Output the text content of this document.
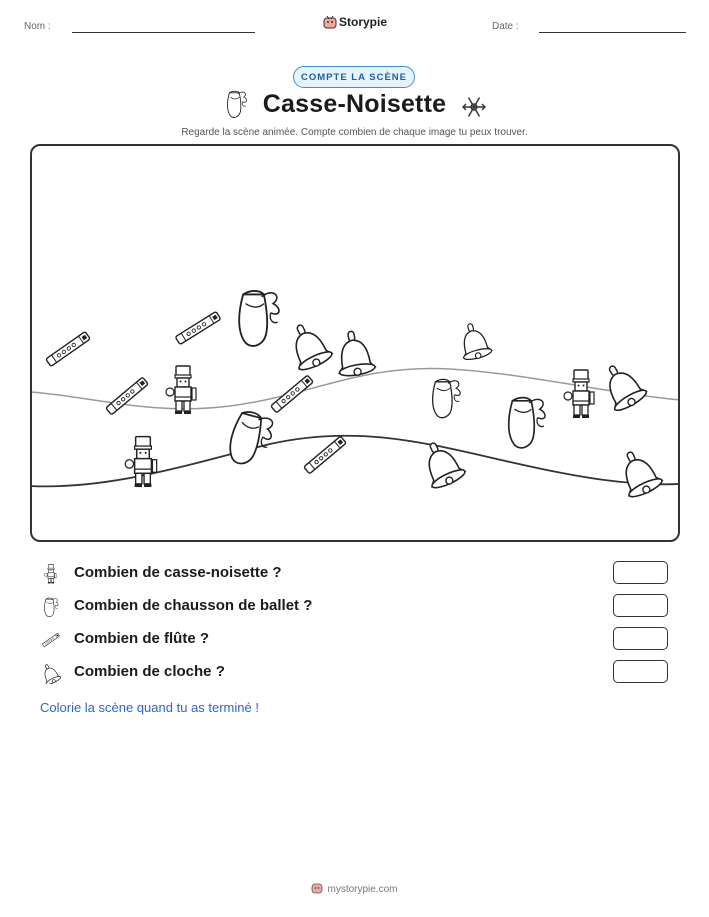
Nom :	Storypie	Date :
COMPTE LA SCÈNE
Casse-Noisette
Regarde la scène animée. Compte combien de chaque image tu peux trouver.
Combien de casse-noisette ?
Combien de chausson de ballet ?
Combien de flûte ?
Combien de cloche ?
Colorie la scène quand tu as terminé !
mystorypie.com
